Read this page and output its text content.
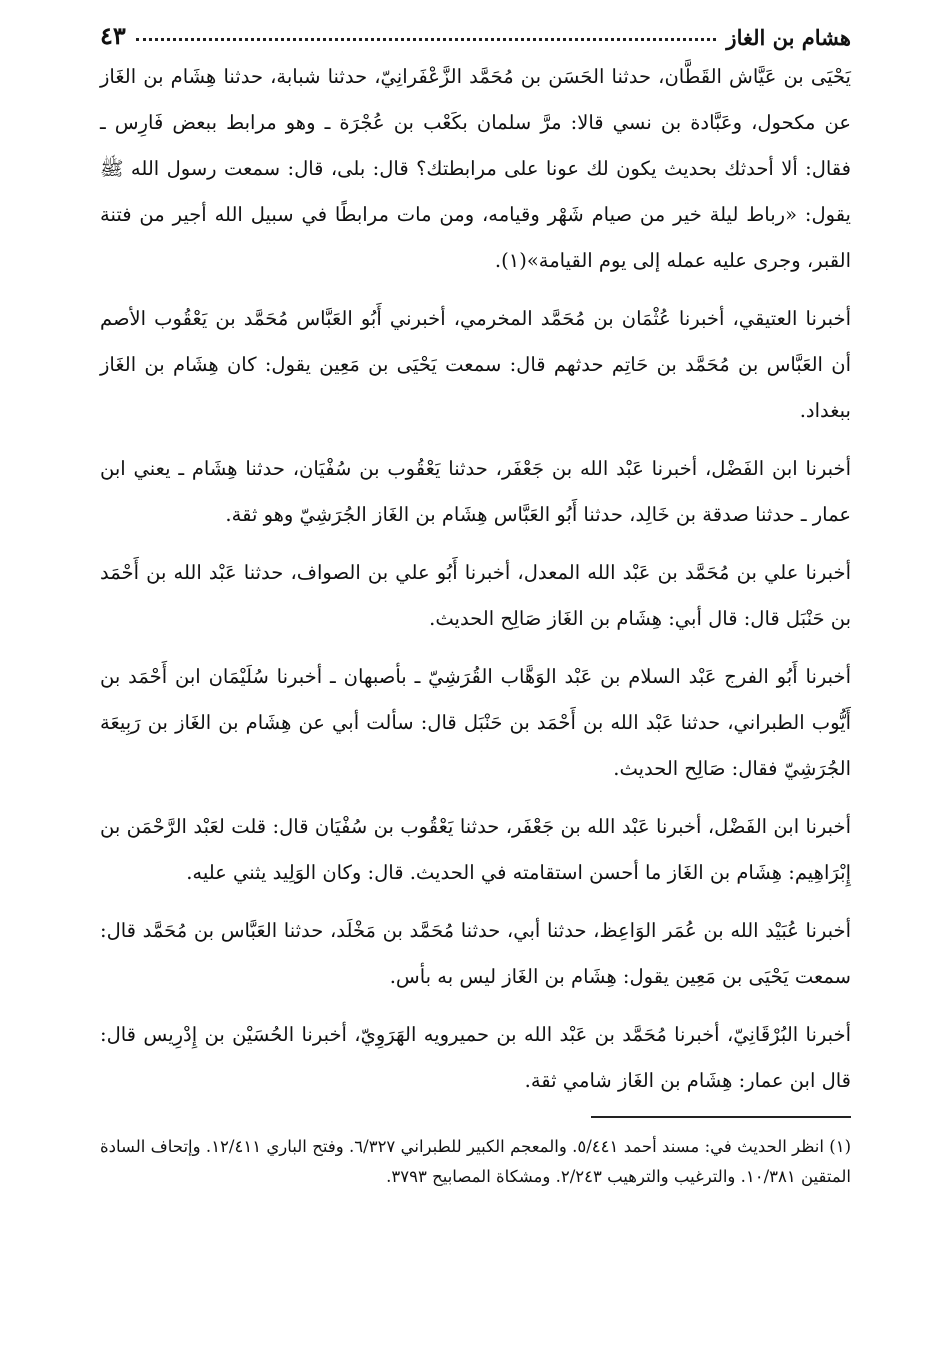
هشام بن الغاز
٤٣

يَحْيَى بن عَيَّاش القَطَّان، حدثنا الحَسَن بن مُحَمَّد الزَّعْفَرانِيّ، حدثنا شبابة، حدثنا هِشَام بن الغَاز عن مكحول، وعَبَّادة بن نسي قالا: مرَّ سلمان بكَعْب بن عُجْرَة ـ وهو مرابط ببعض فَارِس ـ فقال: ألا أحدثك بحديث يكون لك عونا على مرابطتك؟ قال: بلى، قال: سمعت رسول الله ﷺ يقول: «رباط ليلة خير من صيام شَهْر وقيامه، ومن مات مرابطًا في سبيل الله أجير من فتنة القبر، وجرى عليه عمله إلى يوم القيامة»(١).

أخبرنا العتيقي، أخبرنا عُثْمَان بن مُحَمَّد المخرمي، أخبرني أَبُو العَبَّاس مُحَمَّد بن يَعْقُوب الأصم أن العَبَّاس بن مُحَمَّد بن حَاتِم حدثهم قال: سمعت يَحْيَى بن مَعِين يقول: كان هِشَام بن الغَاز ببغداد.

أخبرنا ابن الفَضْل، أخبرنا عَبْد الله بن جَعْفَر، حدثنا يَعْقُوب بن سُفْيَان، حدثنا هِشَام ـ يعني ابن عمار ـ حدثنا صدقة بن خَالِد، حدثنا أَبُو العَبَّاس هِشَام بن الغَاز الجُرَشِيّ وهو ثقة.

أخبرنا علي بن مُحَمَّد بن عَبْد الله المعدل، أخبرنا أَبُو علي بن الصواف، حدثنا عَبْد الله بن أَحْمَد بن حَنْبَل قال: قال أبي: هِشَام بن الغَاز صَالِح الحديث.

أخبرنا أَبُو الفرج عَبْد السلام بن عَبْد الوَهَّاب القُرَشِيّ ـ بأصبهان ـ أخبرنا سُلَيْمَان ابن أَحْمَد بن أَيُّوب الطبراني، حدثنا عَبْد الله بن أَحْمَد بن حَنْبَل قال: سألت أبي عن هِشَام بن الغَاز بن رَبِيعَة الجُرَشِيّ فقال: صَالِح الحديث.

أخبرنا ابن الفَضْل، أخبرنا عَبْد الله بن جَعْفَر، حدثنا يَعْقُوب بن سُفْيَان قال: قلت لعَبْد الرَّحْمَن بن إِبْرَاهِيم: هِشَام بن الغَاز ما أحسن استقامته في الحديث. قال: وكان الوَلِيد يثني عليه.

أخبرنا عُبَيْد الله بن عُمَر الوَاعِظ، حدثنا أبي، حدثنا مُحَمَّد بن مَخْلَد، حدثنا العَبَّاس بن مُحَمَّد قال: سمعت يَحْيَى بن مَعِين يقول: هِشَام بن الغَاز ليس به بأس.

أخبرنا البُرْقَانِيّ، أخبرنا مُحَمَّد بن عَبْد الله بن حميرويه الهَرَوِيّ، أخبرنا الحُسَيْن بن إِدْرِيس قال: قال ابن عمار: هِشَام بن الغَاز شامي ثقة.

(١) انظر الحديث في: مسند أحمد ٥/٤٤١. والمعجم الكبير للطبراني ٦/٣٢٧. وفتح الباري ١٢/٤١١. وإتحاف السادة المتقين ١٠/٣٨١. والترغيب والترهيب ٢/٢٤٣. ومشكاة المصابيح ٣٧٩٣.
